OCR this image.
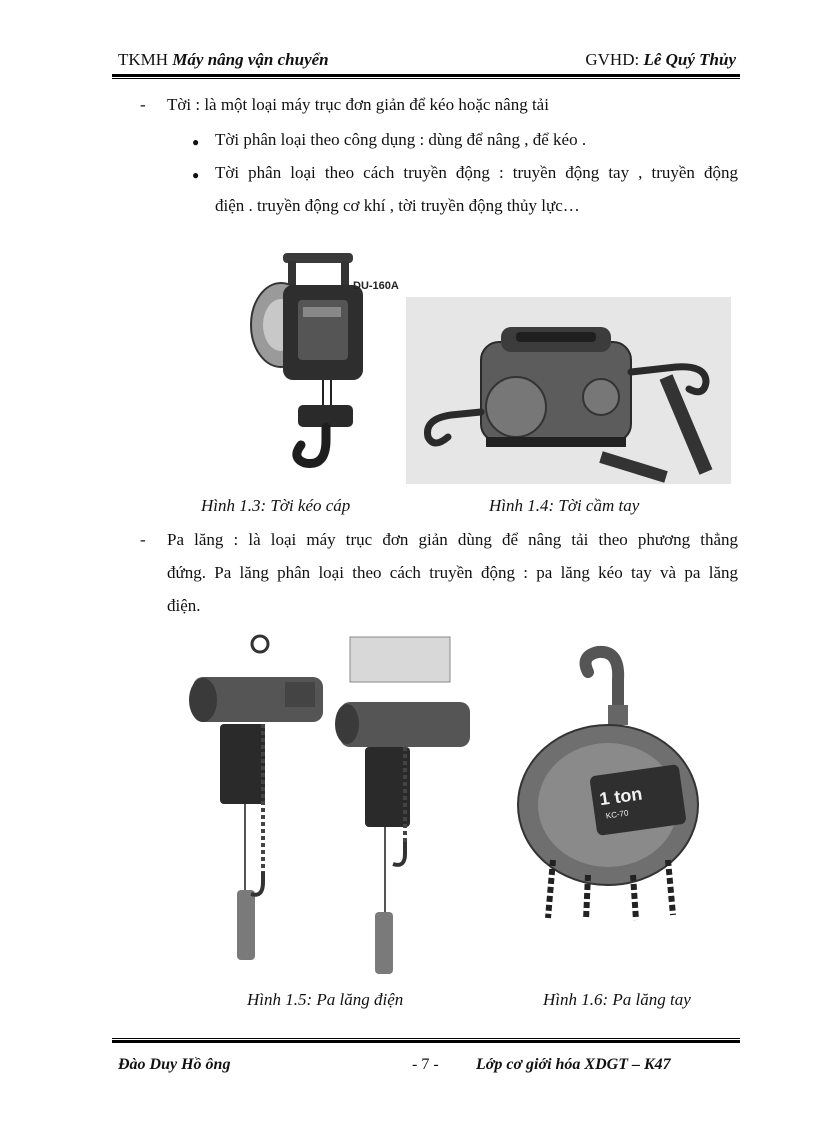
TKMH Máy nâng vận chuyển	GVHD: Lê Quý Thủy
- Tời : là một loại máy trục đơn giản để kéo hoặc nâng tải
● Tời phân loại theo công dụng : dùng để nâng , để kéo .
● Tời phân loại theo cách truyền động : truyền động tay , truyền động
điện . truyền động cơ khí , tời truyền động thủy lực…
DU-160A
Hình 1.3: Tời kéo cáp	Hình 1.4: Tời cầm tay
- Pa lăng : là loại máy trục đơn giản dùng để nâng tải theo phương thẳng
đứng. Pa lăng phân loại theo cách truyền động : pa lăng kéo tay và pa lăng
điện.
1 ton
KC-70
Hình 1.5: Pa lăng điện	Hình 1.6: Pa lăng tay
Đào Duy Hồ ông	- 7 - Lớp cơ giới hóa XDGT – K47
